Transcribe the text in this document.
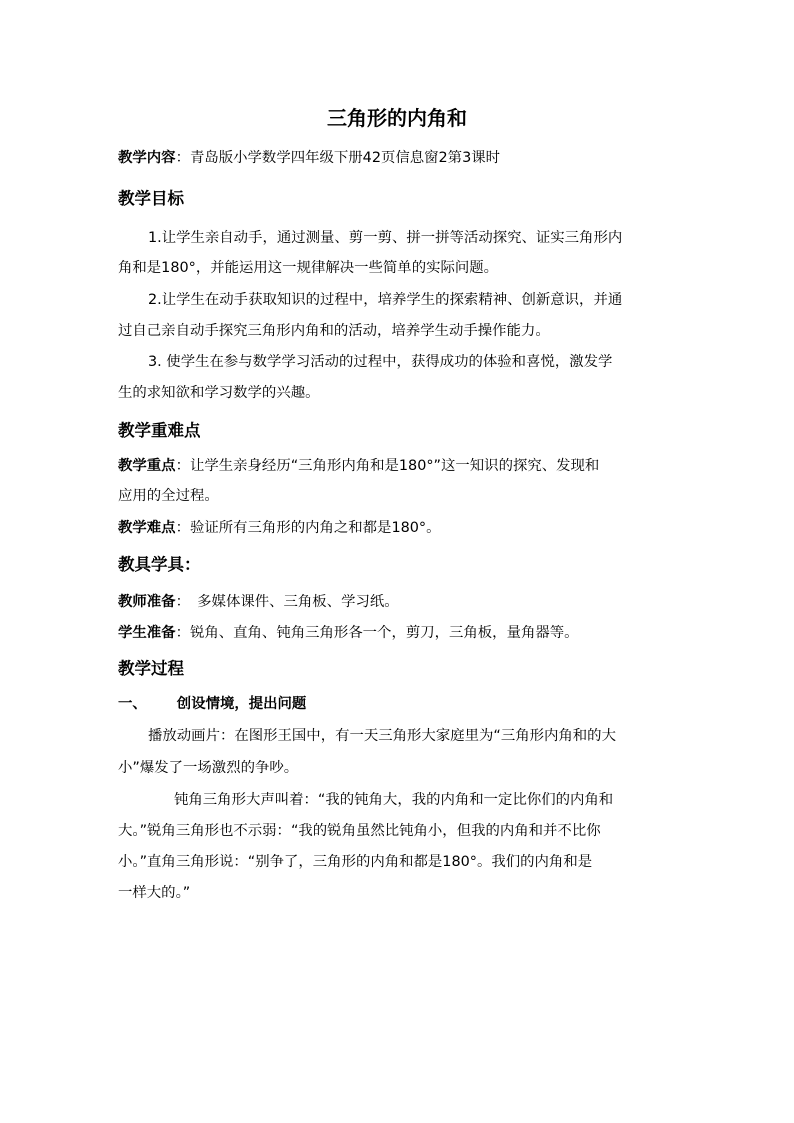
三角形的内角和
教学内容：青岛版小学数学四年级下册42页信息窗2第3课时
教学目标
1.让学生亲自动手，通过测量、剪一剪、拼一拼等活动探究、证实三角形内
角和是180°，并能运用这一规律解决一些简单的实际问题。
2.让学生在动手获取知识的过程中，培养学生的探索精神、创新意识，并通
过自己亲自动手探究三角形内角和的活动，培养学生动手操作能力。
3. 使学生在参与数学学习活动的过程中，获得成功的体验和喜悦，激发学
生的求知欲和学习数学的兴趣。
教学重难点
教学重点：让学生亲身经历“三角形内角和是180°”这一知识的探究、发现和
应用的全过程。
教学难点：验证所有三角形的内角之和都是180°。
教具学具：
教师准备：　多媒体课件、三角板、学习纸。
学生准备：锐角、直角、钝角三角形各一个，剪刀，三角板，量角器等。
教学过程
一、 创设情境，提出问题
播放动画片：在图形王国中，有一天三角形大家庭里为“三角形内角和的大
小”爆发了一场激烈的争吵。
钝角三角形大声叫着：“我的钝角大，我的内角和一定比你们的内角和
大。”锐角三角形也不示弱：“我的锐角虽然比钝角小，但我的内角和并不比你
小。”直角三角形说：“别争了，三角形的内角和都是180°。我们的内角和是
一样大的。”
